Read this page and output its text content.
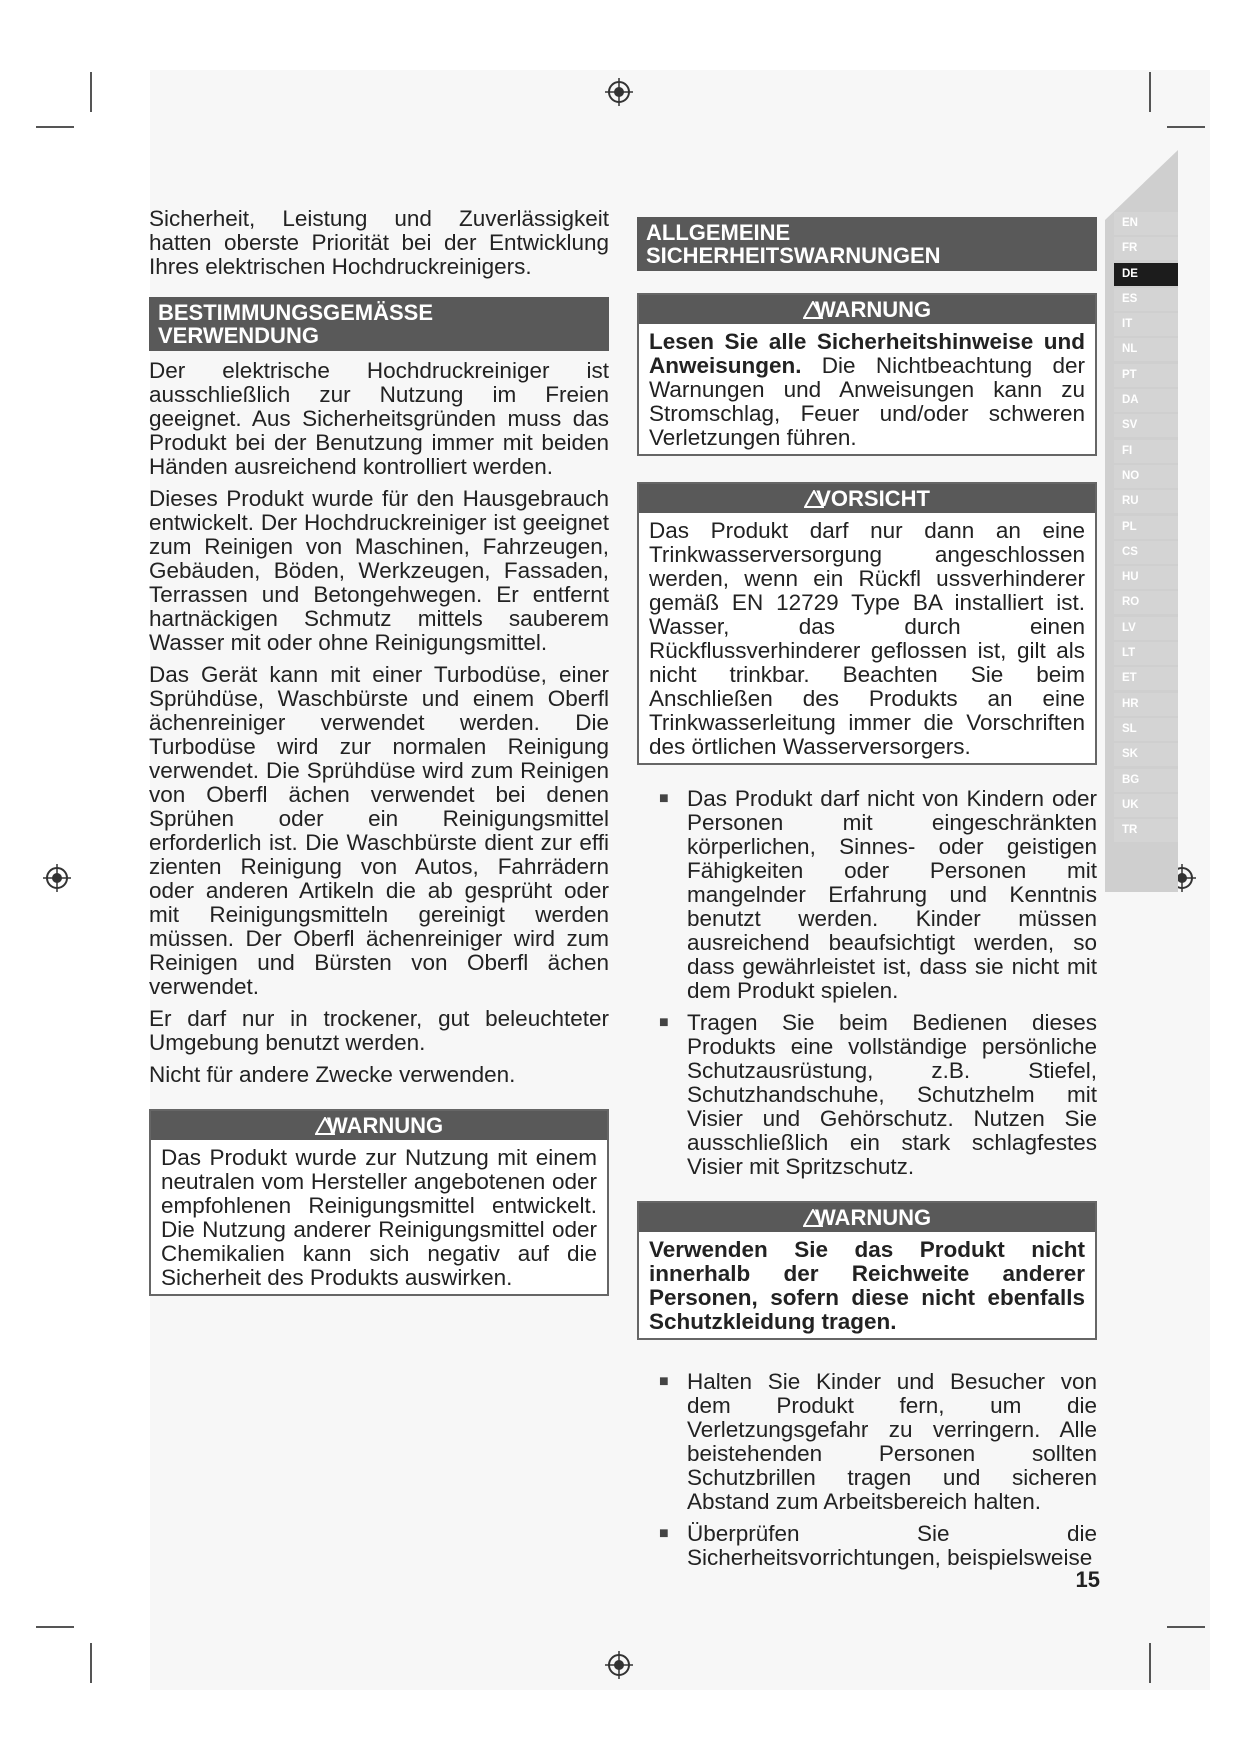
Sicherheit, Leistung und Zuverlässigkeit hatten oberste Priorität bei der Entwicklung Ihres elektrischen Hochdruckreinigers.

BESTIMMUNGSGEMÄSSE VERWENDUNG

Der elektrische Hochdruckreiniger ist ausschließlich zur Nutzung im Freien geeignet. Aus Sicherheitsgründen muss das Produkt bei der Benutzung immer mit beiden Händen ausreichend kontrolliert werden.

Dieses Produkt wurde für den Hausgebrauch entwickelt. Der Hochdruckreiniger ist geeignet zum Reinigen von Maschinen, Fahrzeugen, Gebäuden, Böden, Werkzeugen, Fassaden, Terrassen und Betongehwegen. Er entfernt hartnäckigen Schmutz mittels sauberem Wasser mit oder ohne Reinigungsmittel.

Das Gerät kann mit einer Turbodüse, einer Sprühdüse, Waschbürste und einem Oberfl ächenreiniger verwendet werden. Die Turbodüse wird zur normalen Reinigung verwendet. Die Sprühdüse wird zum Reinigen von Oberfl ächen verwendet bei denen Sprühen oder ein Reinigungsmittel erforderlich ist. Die Waschbürste dient zur effi zienten Reinigung von Autos, Fahrrädern oder anderen Artikeln die ab gesprüht oder mit Reinigungsmitteln gereinigt werden müssen. Der Oberfl ächenreiniger wird zum Reinigen und Bürsten von Oberfl ächen verwendet.

Er darf nur in trockener, gut beleuchteter Umgebung benutzt werden.

Nicht für andere Zwecke verwenden.

WARNUNG

Das Produkt wurde zur Nutzung mit einem neutralen vom Hersteller angebotenen oder empfohlenen Reinigungsmittel entwickelt. Die Nutzung anderer Reinigungsmittel oder Chemikalien kann sich negativ auf die Sicherheit des Produkts auswirken.

ALLGEMEINE SICHERHEITSWARNUNGEN
WARNUNG

Lesen Sie alle Sicherheitshinweise und Anweisungen. Die Nichtbeachtung der Warnungen und Anweisungen kann zu Stromschlag, Feuer und/oder schweren Verletzungen führen.

VORSICHT

Das Produkt darf nur dann an eine Trinkwasserversorgung angeschlossen werden, wenn ein Rückfl ussverhinderer gemäß EN 12729 Type BA installiert ist. Wasser, das durch einen Rückflussverhinderer geflossen ist, gilt als nicht trinkbar. Beachten Sie beim Anschließen des Produkts an eine Trinkwasserleitung immer die Vorschriften des örtlichen Wasserversorgers.

■ Das Produkt darf nicht von Kindern oder Personen mit eingeschränkten körperlichen, Sinnes- oder geistigen Fähigkeiten oder Personen mit mangelnder Erfahrung und Kenntnis benutzt werden. Kinder müssen ausreichend beaufsichtigt werden, so dass gewährleistet ist, dass sie nicht mit dem Produkt spielen.
■ Tragen Sie beim Bedienen dieses Produkts eine vollständige persönliche Schutzausrüstung, z.B. Stiefel, Schutzhandschuhe, Schutzhelm mit Visier und Gehörschutz. Nutzen Sie ausschließlich ein stark schlagfestes Visier mit Spritzschutz.
WARNUNG

Verwenden Sie das Produkt nicht innerhalb der Reichweite anderer Personen, sofern diese nicht ebenfalls Schutzkleidung tragen.

■ Halten Sie Kinder und Besucher von dem Produkt fern, um die Verletzungsgefahr zu verringern. Alle beistehenden Personen sollten Schutzbrillen tragen und sicheren Abstand zum Arbeitsbereich halten.
■ Überprüfen Sie die Sicherheitsvorrichtungen, beispielsweise
EN
FR
DE
ES
IT
NL
PT
DA
SV
FI
NO
RU
PL
CS
HU
RO
LV
LT
ET
HR
SL
SK
BG
UK
TR
15
